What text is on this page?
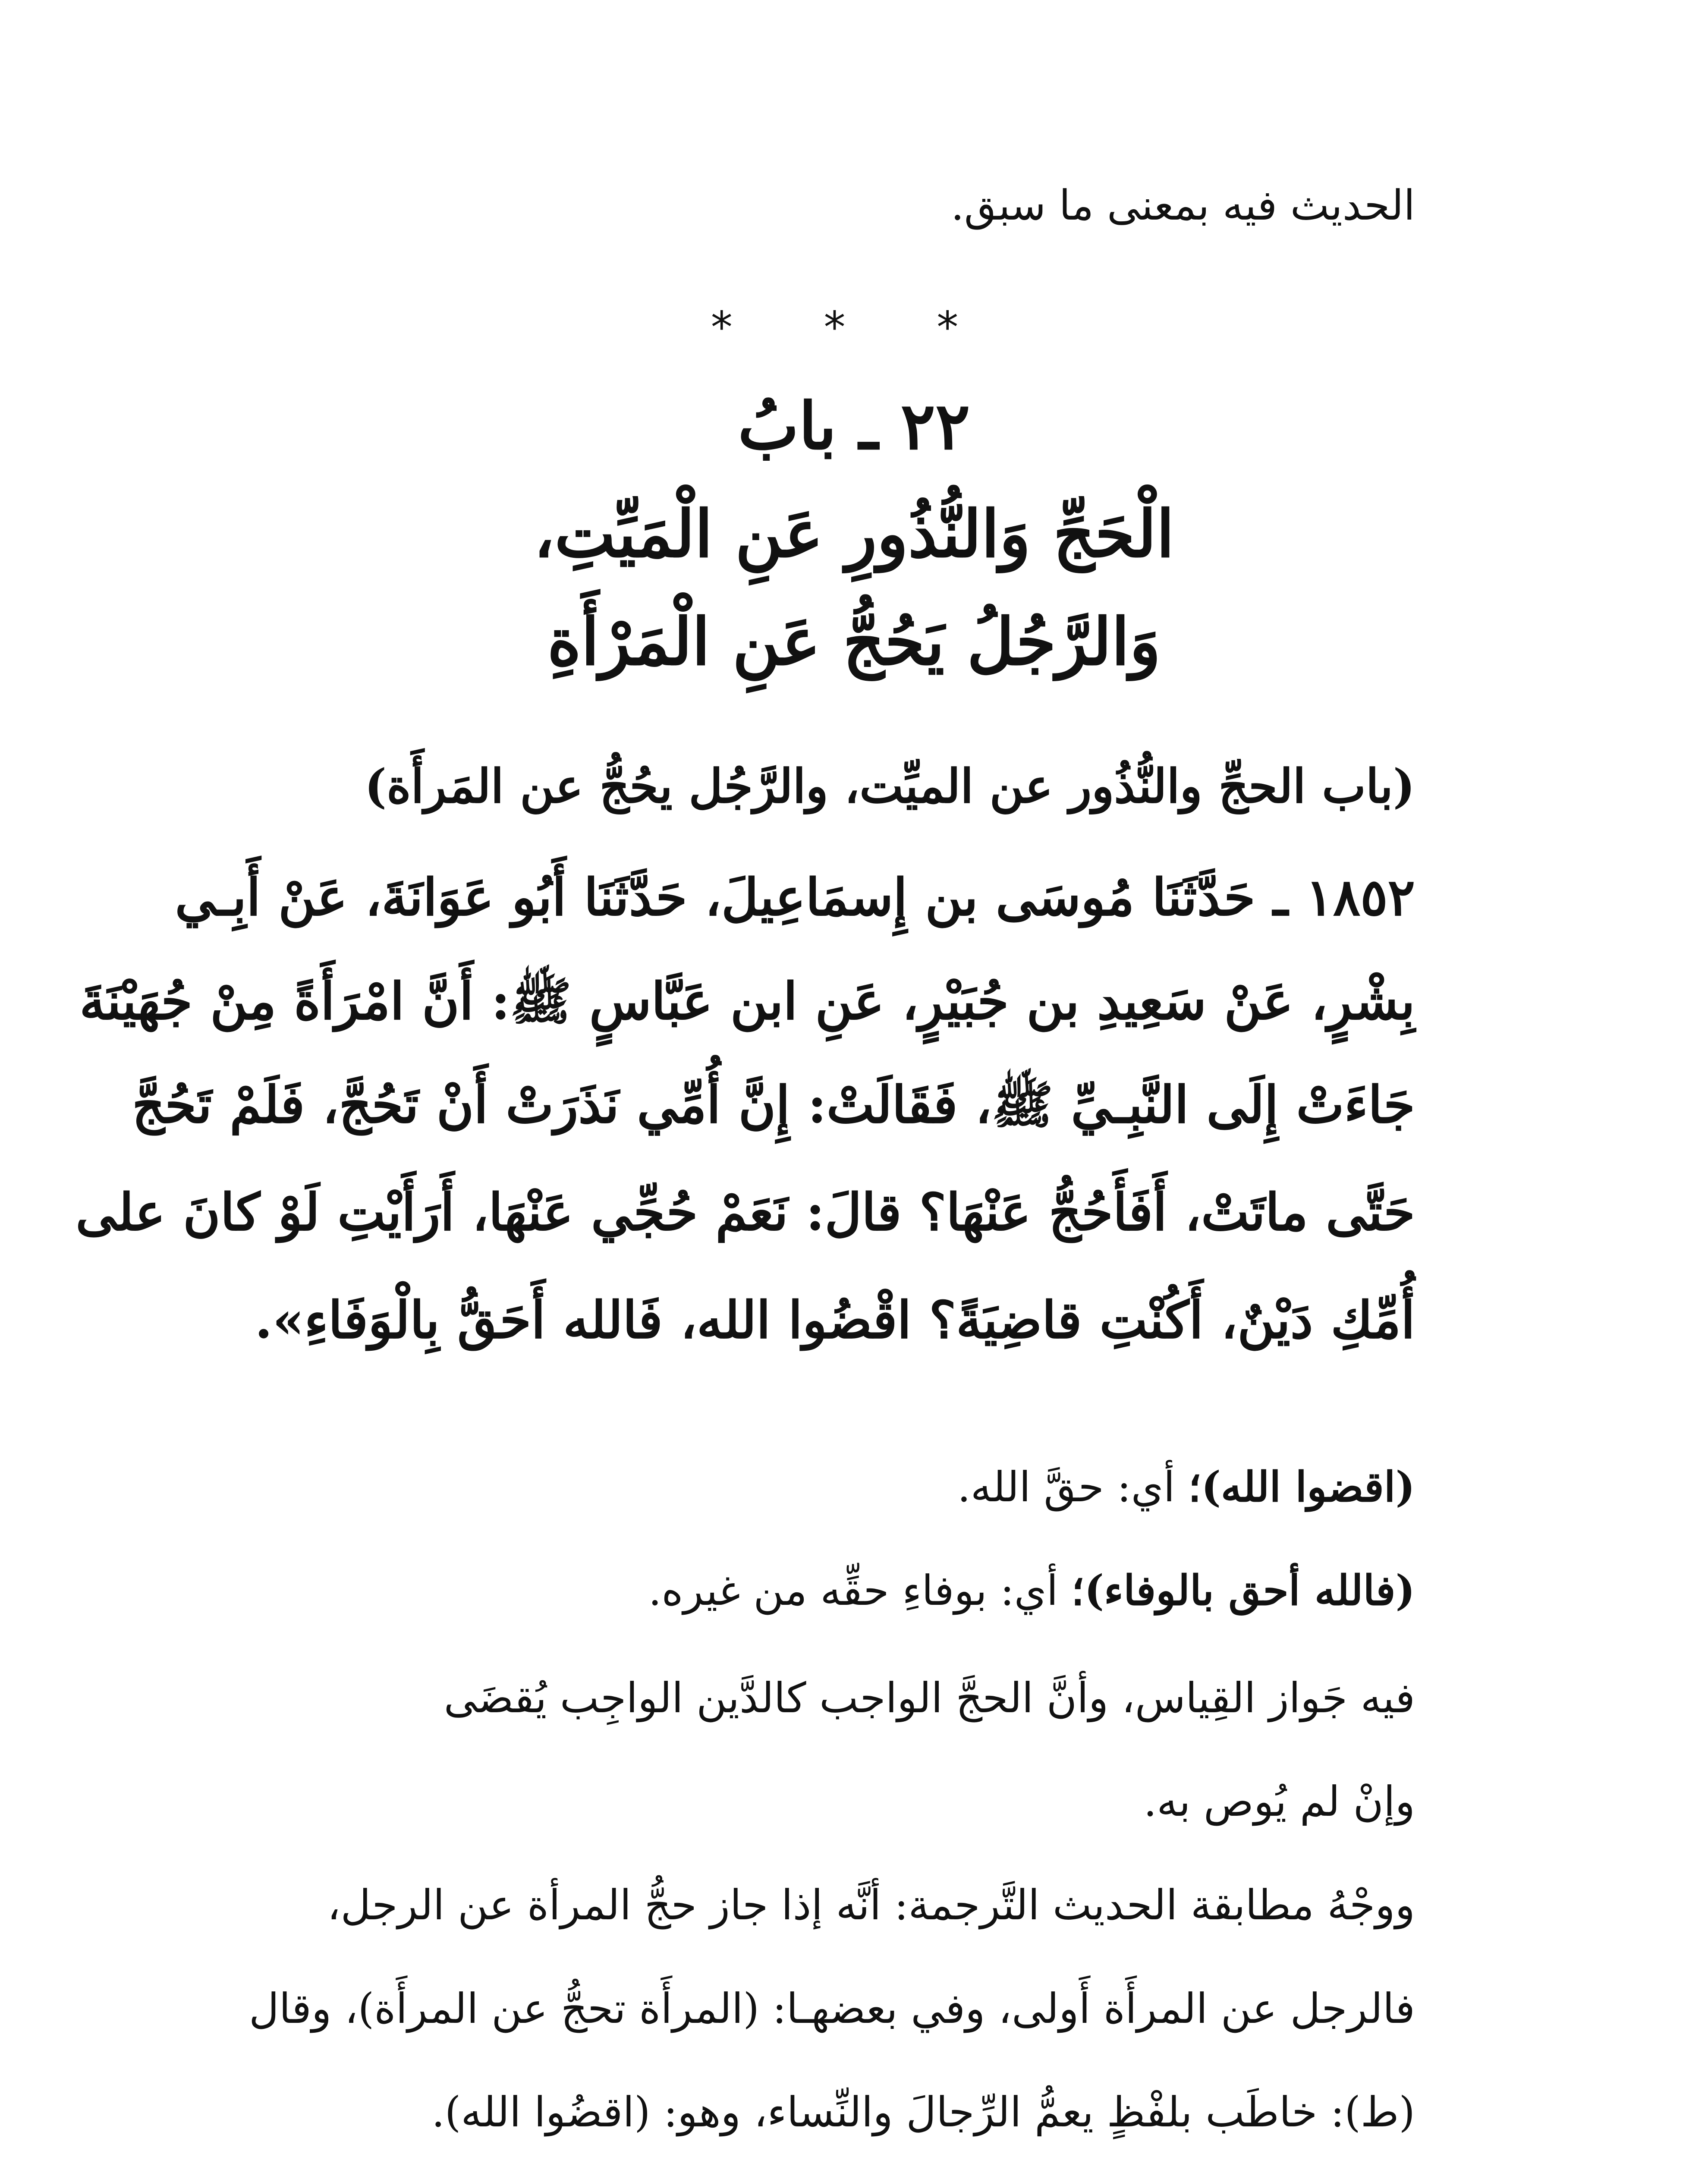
الحديث فيه بمعنى ما سبق.
* * *
٢٢ ـ بابُ
الْحَجِّ وَالنُّذُورِ عَنِ الْمَيِّتِ،
وَالرَّجُلُ يَحُجُّ عَنِ الْمَرْأَةِ
(باب الحجِّ والنُّذُور عن الميِّت، والرَّجُل يحُجُّ عن المَرأَة)
١٨٥٢ ـ حَدَّثَنَا مُوسَى بن إِسمَاعِيلَ، حَدَّثَنَا أَبُو عَوَانَةَ، عَنْ أَبِـي
بِشْرٍ، عَنْ سَعِيدِ بن جُبَيْرٍ، عَنِ ابن عَبَّاسٍ ﷺ: أَنَّ امْرَأَةً مِنْ جُهَيْنَةَ
جَاءَتْ إِلَى النَّبِـيِّ ﷺ، فَقَالَتْ: إِنَّ أُمِّي نَذَرَتْ أَنْ تَحُجَّ، فَلَمْ تَحُجَّ
حَتَّى ماتَتْ، أَفَأَحُجُّ عَنْهَا؟ قالَ: نَعَمْ حُجِّي عَنْهَا، أَرَأَيْتِ لَوْ كانَ على
أُمِّكِ دَيْنٌ، أَكُنْتِ قاضِيَةً؟ اقْضُوا الله، فَالله أَحَقُّ بِالْوَفَاءِ».
(اقضوا الله)؛ أي: حقَّ الله.
(فالله أحق بالوفاء)؛ أي: بوفاءِ حقِّه من غيره.
فيه جَواز القِياس، وأنَّ الحجَّ الواجب كالدَّين الواجِب يُقضَى
وإنْ لم يُوص به.
ووجْهُ مطابقة الحديث التَّرجمة: أنَّه إذا جاز حجُّ المرأة عن الرجل،
فالرجل عن المرأَة أَولى، وفي بعضهـا: (المرأَة تحجُّ عن المرأَة)، وقال
(ط): خاطَب بلفْظٍ يعمُّ الرِّجالَ والنِّساء، وهو: (اقضُوا الله).
